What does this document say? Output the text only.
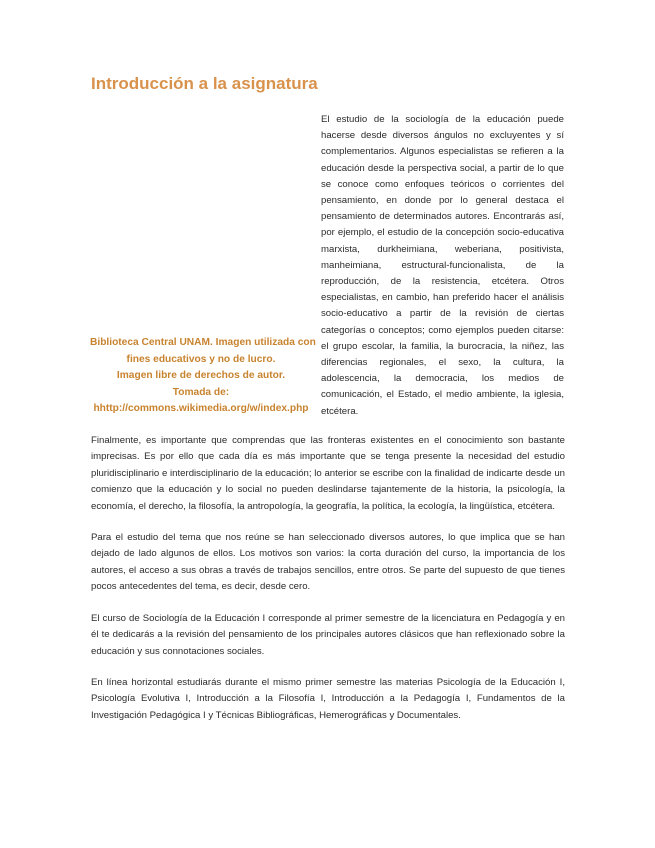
Introducción a la asignatura
Biblioteca Central UNAM. Imagen utilizada con
fines educativos y no de lucro.
Imagen libre de derechos de autor.
Tomada de:
hhttp://commons.wikimedia.org/w/index.php

El estudio de la sociología de la educación puede hacerse desde diversos ángulos no excluyentes y sí complementarios. Algunos especialistas se refieren a la educación desde la perspectiva social, a partir de lo que se conoce como enfoques teóricos o corrientes del pensamiento, en donde por lo general destaca el pensamiento de determinados autores. Encontrarás así, por ejemplo, el estudio de la concepción socio-educativa marxista, durkheimiana, weberiana, positivista, manheimiana, estructural-funcionalista, de la reproducción, de la resistencia, etcétera. Otros especialistas, en cambio, han preferido hacer el análisis socio-educativo a partir de la revisión de ciertas categorías o conceptos; como ejemplos pueden citarse: el grupo escolar, la familia, la burocracia, la niñez, las diferencias regionales, el sexo, la cultura, la adolescencia, la democracia, los medios de comunicación, el Estado, el medio ambiente, la iglesia, etcétera.

Finalmente, es importante que comprendas que las fronteras existentes en el conocimiento son bastante imprecisas. Es por ello que cada día es más importante que se tenga presente la necesidad del estudio pluridisciplinario e interdisciplinario de la educación; lo anterior se escribe con la finalidad de indicarte desde un comienzo que la educación y lo social no pueden deslindarse tajantemente de la historia, la psicología, la economía, el derecho, la filosofía, la antropología, la geografía, la política, la ecología, la lingüística, etcétera.

Para el estudio del tema que nos reúne se han seleccionado diversos autores, lo que implica que se han dejado de lado algunos de ellos. Los motivos son varios: la corta duración del curso, la importancia de los autores, el acceso a sus obras a través de trabajos sencillos, entre otros. Se parte del supuesto de que tienes pocos antecedentes del tema, es decir, desde cero.

El curso de Sociología de la Educación I corresponde al primer semestre de la licenciatura en Pedagogía y en él te dedicarás a la revisión del pensamiento de los principales autores clásicos que han reflexionado sobre la educación y sus connotaciones sociales.

En línea horizontal estudiarás durante el mismo primer semestre las materias Psicología de la Educación I, Psicología Evolutiva I, Introducción a la Filosofía I, Introducción a la Pedagogía I, Fundamentos de la Investigación Pedagógica I y Técnicas Bibliográficas, Hemerográficas y Documentales.
